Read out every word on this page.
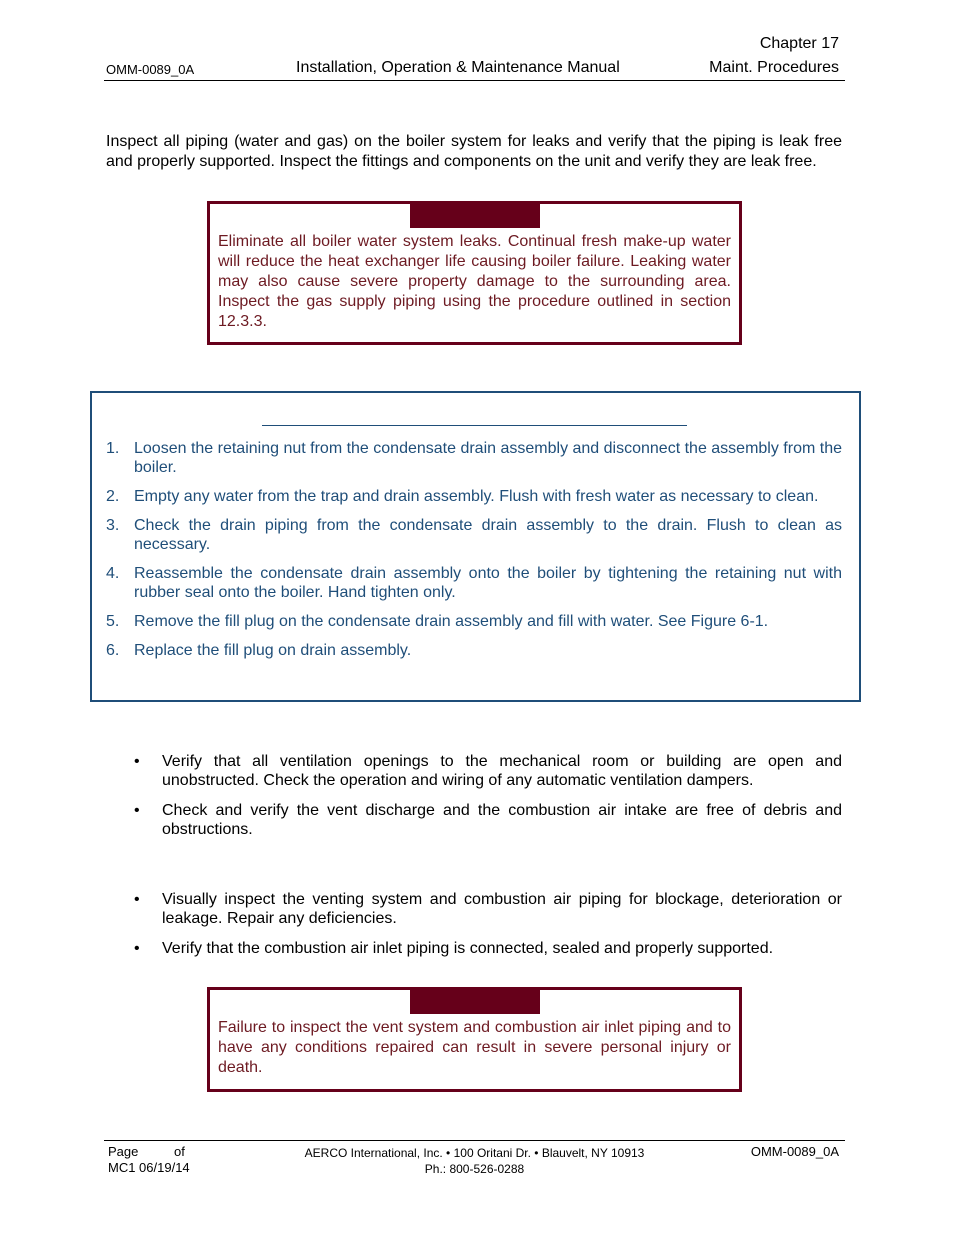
Chapter 17
OMM-0089_0A	Installation, Operation & Maintenance Manual	Maint. Procedures

Inspect all piping (water and gas) on the boiler system for leaks and verify that the piping is leak free and properly supported. Inspect the fittings and components on the unit and verify they are leak free.

Eliminate all boiler water system leaks. Continual fresh make-up water will reduce the heat exchanger life causing boiler failure. Leaking water may also cause severe property damage to the surrounding area. Inspect the gas supply piping using the procedure outlined in section 12.3.3.

1. Loosen the retaining nut from the condensate drain assembly and disconnect the assembly from the boiler.
2. Empty any water from the trap and drain assembly. Flush with fresh water as necessary to clean.
3. Check the drain piping from the condensate drain assembly to the drain. Flush to clean as necessary.
4. Reassemble the condensate drain assembly onto the boiler by tightening the retaining nut with rubber seal onto the boiler. Hand tighten only.
5. Remove the fill plug on the condensate drain assembly and fill with water. See Figure 6-1.
6. Replace the fill plug on drain assembly.
• Verify that all ventilation openings to the mechanical room or building are open and unobstructed. Check the operation and wiring of any automatic ventilation dampers.
• Check and verify the vent discharge and the combustion air intake are free of debris and obstructions.
• Visually inspect the venting system and combustion air piping for blockage, deterioration or leakage. Repair any deficiencies.
• Verify that the combustion air inlet piping is connected, sealed and properly supported.

Failure to inspect the vent system and combustion air inlet piping and to have any conditions repaired can result in severe personal injury or death.

Page	of
MC1 06/19/14
AERCO International, Inc. • 100 Oritani Dr. • Blauvelt, NY 10913
Ph.: 800-526-0288
OMM-0089_0A
